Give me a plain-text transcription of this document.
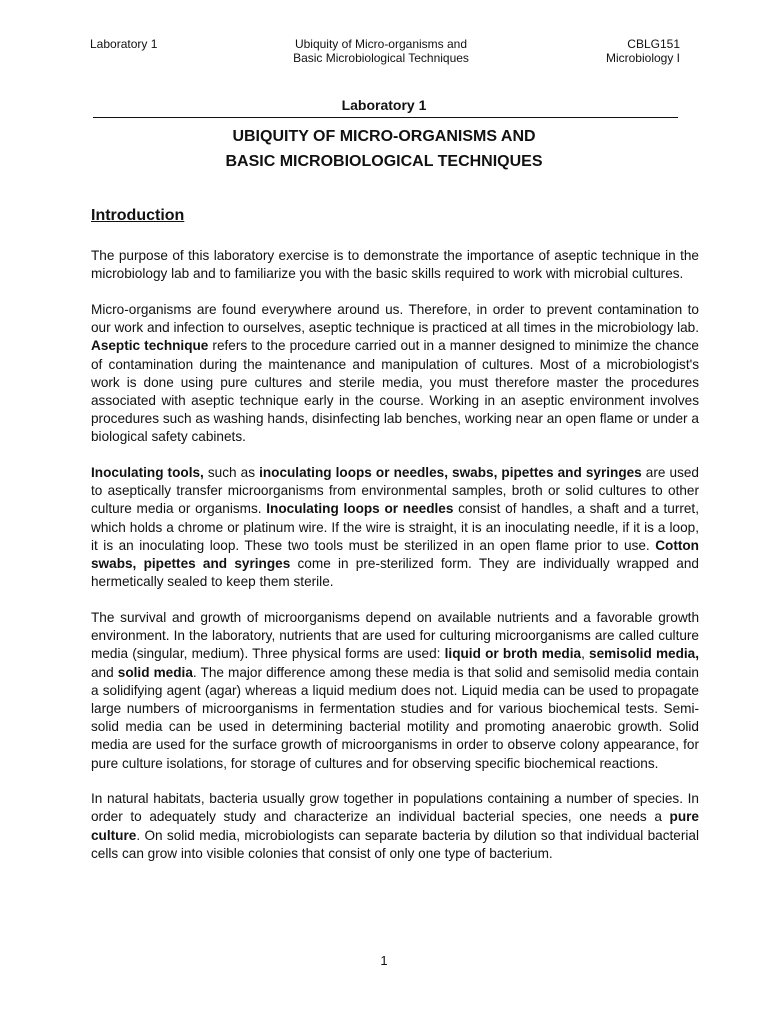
Laboratory 1	Ubiquity of Micro-organisms and
Basic Microbiological Techniques
CBLG151
Microbiology I
Laboratory 1
UBIQUITY OF MICRO-ORGANISMS AND
BASIC MICROBIOLOGICAL TECHNIQUES
Introduction

The purpose of this laboratory exercise is to demonstrate the importance of aseptic technique in the microbiology lab and to familiarize you with the basic skills required to work with microbial cultures.

Micro-organisms are found everywhere around us. Therefore, in order to prevent contamination to our work and infection to ourselves, aseptic technique is practiced at all times in the microbiology lab. Aseptic technique refers to the procedure carried out in a manner designed to minimize the chance of contamination during the maintenance and manipulation of cultures. Most of a microbiologist's work is done using pure cultures and sterile media, you must therefore master the procedures associated with aseptic technique early in the course. Working in an aseptic environment involves procedures such as washing hands, disinfecting lab benches, working near an open flame or under a biological safety cabinets.

Inoculating tools, such as inoculating loops or needles, swabs, pipettes and syringes are used to aseptically transfer microorganisms from environmental samples, broth or solid cultures to other culture media or organisms. Inoculating loops or needles consist of handles, a shaft and a turret, which holds a chrome or platinum wire. If the wire is straight, it is an inoculating needle, if it is a loop, it is an inoculating loop. These two tools must be sterilized in an open flame prior to use. Cotton swabs, pipettes and syringes come in pre-sterilized form. They are individually wrapped and hermetically sealed to keep them sterile.

The survival and growth of microorganisms depend on available nutrients and a favorable growth environment. In the laboratory, nutrients that are used for culturing microorganisms are called culture media (singular, medium). Three physical forms are used: liquid or broth media, semisolid media, and solid media. The major difference among these media is that solid and semisolid media contain a solidifying agent (agar) whereas a liquid medium does not. Liquid media can be used to propagate large numbers of microorganisms in fermentation studies and for various biochemical tests. Semi-solid media can be used in determining bacterial motility and promoting anaerobic growth. Solid media are used for the surface growth of microorganisms in order to observe colony appearance, for pure culture isolations, for storage of cultures and for observing specific biochemical reactions.

In natural habitats, bacteria usually grow together in populations containing a number of species. In order to adequately study and characterize an individual bacterial species, one needs a pure culture. On solid media, microbiologists can separate bacteria by dilution so that individual bacterial cells can grow into visible colonies that consist of only one type of bacterium.

1
